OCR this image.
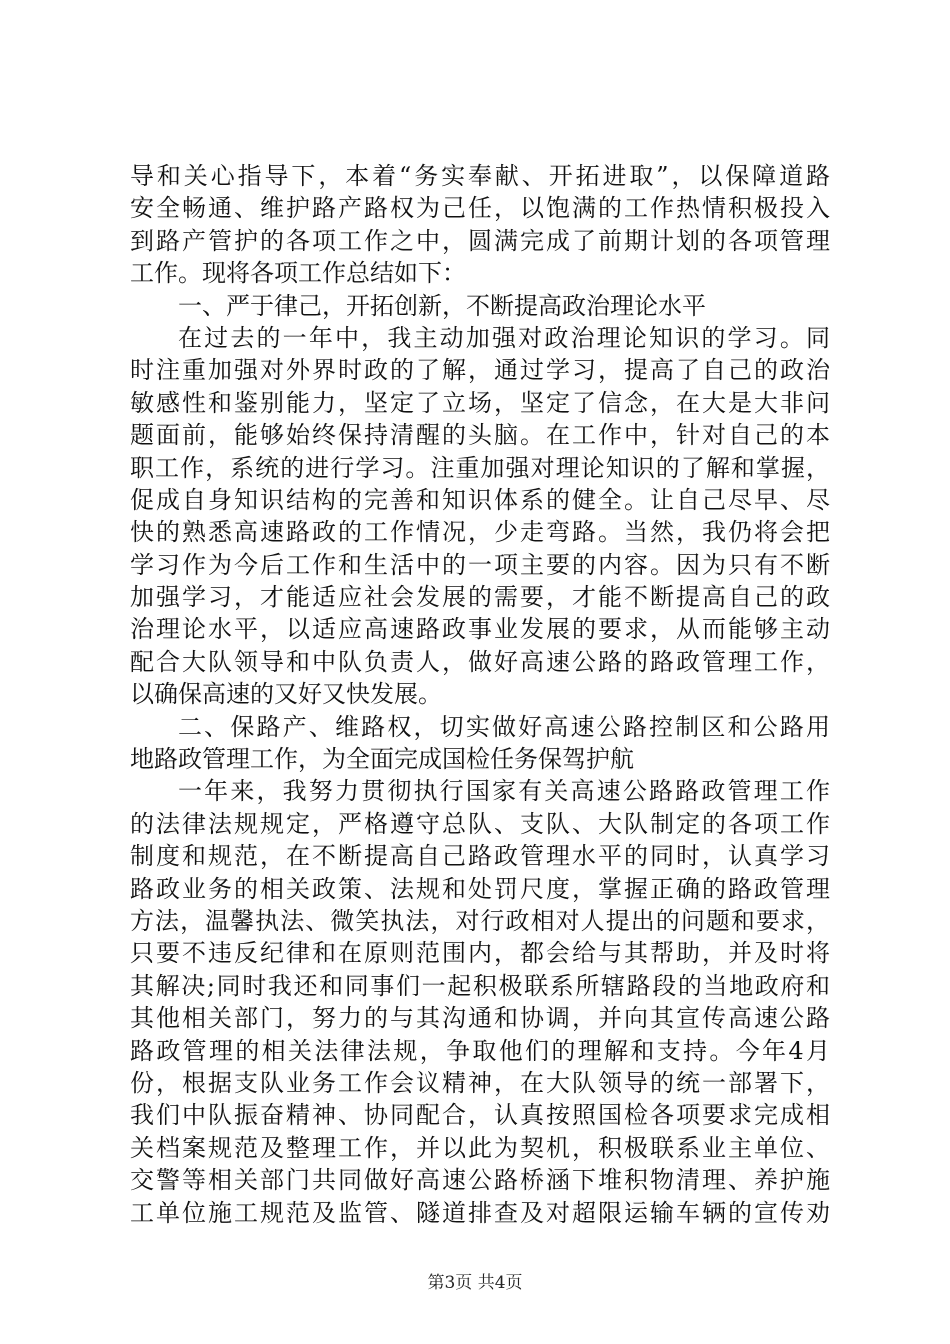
导和关心指导下，本着“务实奉献、开拓进取”，以保障道路
安全畅通、维护路产路权为己任，以饱满的工作热情积极投入
到路产管护的各项工作之中，圆满完成了前期计划的各项管理
工作。现将各项工作总结如下：
一、严于律己，开拓创新，不断提高政治理论水平
在过去的一年中，我主动加强对政治理论知识的学习。同
时注重加强对外界时政的了解，通过学习，提高了自己的政治
敏感性和鉴别能力，坚定了立场，坚定了信念，在大是大非问
题面前，能够始终保持清醒的头脑。在工作中，针对自己的本
职工作，系统的进行学习。注重加强对理论知识的了解和掌握，
促成自身知识结构的完善和知识体系的健全。让自己尽早、尽
快的熟悉高速路政的工作情况，少走弯路。当然，我仍将会把
学习作为今后工作和生活中的一项主要的内容。因为只有不断
加强学习，才能适应社会发展的需要，才能不断提高自己的政
治理论水平，以适应高速路政事业发展的要求，从而能够主动
配合大队领导和中队负责人，做好高速公路的路政管理工作，
以确保高速的又好又快发展。
二、保路产、维路权，切实做好高速公路控制区和公路用
地路政管理工作，为全面完成国检任务保驾护航
一年来，我努力贯彻执行国家有关高速公路路政管理工作
的法律法规规定，严格遵守总队、支队、大队制定的各项工作
制度和规范，在不断提高自己路政管理水平的同时，认真学习
路政业务的相关政策、法规和处罚尺度，掌握正确的路政管理
方法，温馨执法、微笑执法，对行政相对人提出的问题和要求，
只要不违反纪律和在原则范围内，都会给与其帮助，并及时将
其解决;同时我还和同事们一起积极联系所辖路段的当地政府和
其他相关部门，努力的与其沟通和协调，并向其宣传高速公路
路政管理的相关法律法规，争取他们的理解和支持。今年4月
份，根据支队业务工作会议精神，在大队领导的统一部署下，
我们中队振奋精神、协同配合，认真按照国检各项要求完成相
关档案规范及整理工作，并以此为契机，积极联系业主单位、
交警等相关部门共同做好高速公路桥涵下堆积物清理、养护施
工单位施工规范及监管、隧道排查及对超限运输车辆的宣传劝
第3页 共4页
